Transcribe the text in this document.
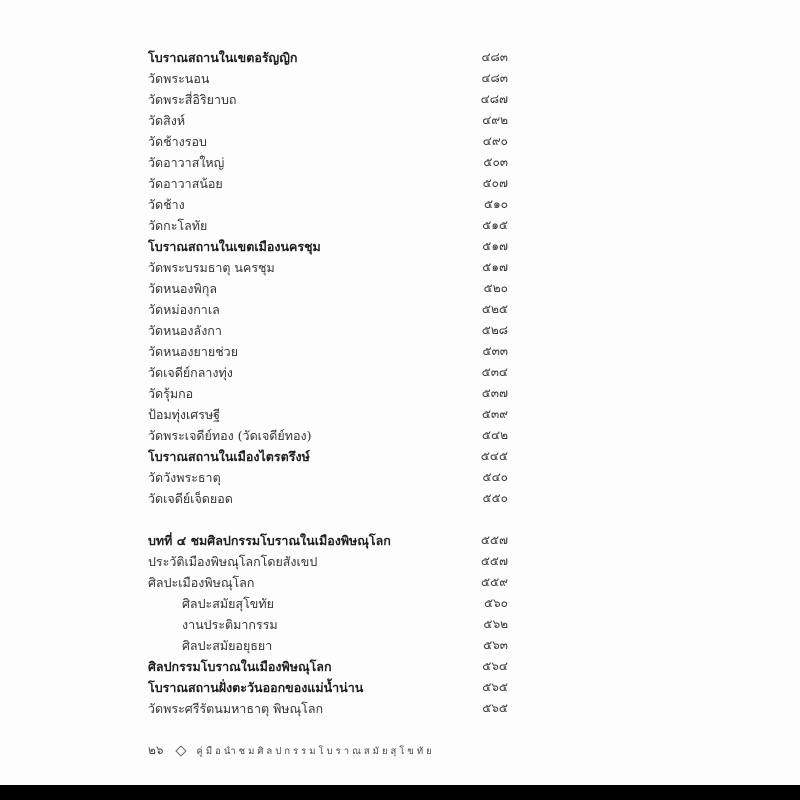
โบราณสถานในเขตอรัญญิก	๔๘๓
วัดพระนอน	๔๘๓
วัดพระสี่อิริยาบถ	๔๘๗
วัดสิงห์	๔๙๒
วัดช้างรอบ	๔๙๐
วัดอาวาสใหญ่	๕๐๓
วัดอาวาสน้อย	๕๐๗
วัดช้าง	๕๑๐
วัดกะโลทัย	๕๑๕
โบราณสถานในเขตเมืองนครชุม	๕๑๗
วัดพระบรมธาตุ นครชุม	๕๑๗
วัดหนองพิกุล	๕๒๐
วัดหม่องกาเล	๕๒๕
วัดหนองลังกา	๕๒๘
วัดหนองยายช่วย	๕๓๓
วัดเจดีย์กลางทุ่ง	๕๓๔
วัดรุ้มกอ	๕๓๗
ป้อมทุ่งเศรษฐี	๕๓๙
วัดพระเจดีย์ทอง (วัดเจดีย์ทอง)	๕๔๒
โบราณสถานในเมืองไตรตรึงษ์	๕๔๕
วัดวังพระธาตุ	๕๔๐
วัดเจดีย์เจ็ดยอด	๕๕๐
บทที่ ๔ ชมศิลปกรรมโบราณในเมืองพิษณุโลก	๕๕๗
ประวัติเมืองพิษณุโลกโดยสังเขป	๕๕๗
ศิลปะเมืองพิษณุโลก	๕๕๙
ศิลปะสมัยสุโขทัย	๕๖๐
งานประติมากรรม	๕๖๒
ศิลปะสมัยอยุธยา	๕๖๓
ศิลปกรรมโบราณในเมืองพิษณุโลก	๕๖๔
โบราณสถานฝั่งตะวันออกของแม่น้ำน่าน	๕๖๕
วัดพระศรีรัตนมหาธาตุ พิษณุโลก	๕๖๕
๒๖	คู่มือนำชมศิลปกรรมโบราณสมัยสุโขทัย
